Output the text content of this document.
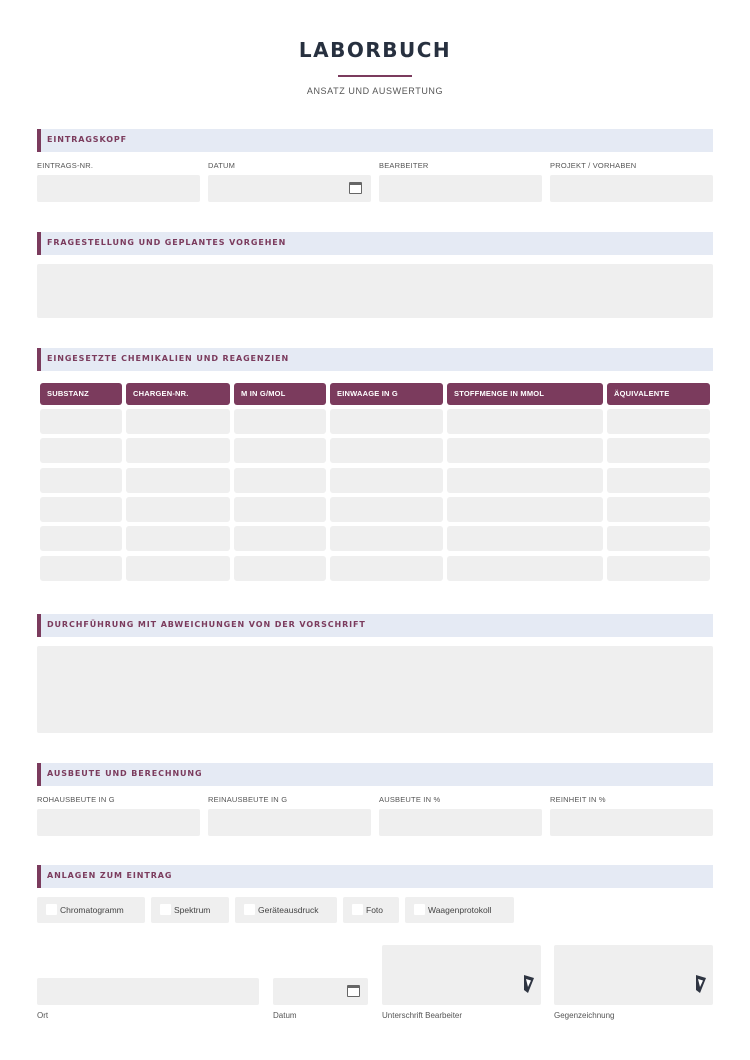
LABORBUCH
ANSATZ UND AUSWERTUNG
EINTRAGSKOPF
EINTRAGS-NR.	DATUM	BEARBEITER	PROJEKT / VORHABEN
FRAGESTELLUNG UND GEPLANTES VORGEHEN
EINGESETZTE CHEMIKALIEN UND REAGENZIEN
SUBSTANZ	CHARGEN-NR.	M IN G/MOL	EINWAAGE IN G	STOFFMENGE IN MMOL	ÄQUIVALENTE
DURCHFÜHRUNG MIT ABWEICHUNGEN VON DER VORSCHRIFT
AUSBEUTE UND BERECHNUNG
ROHAUSBEUTE IN G	REINAUSBEUTE IN G	AUSBEUTE IN %	REINHEIT IN %
ANLAGEN ZUM EINTRAG
Chromatogramm	Spektrum	Geräteausdruck	Foto	Waagenprotokoll
Ort	Datum	Unterschrift Bearbeiter	Gegenzeichnung
